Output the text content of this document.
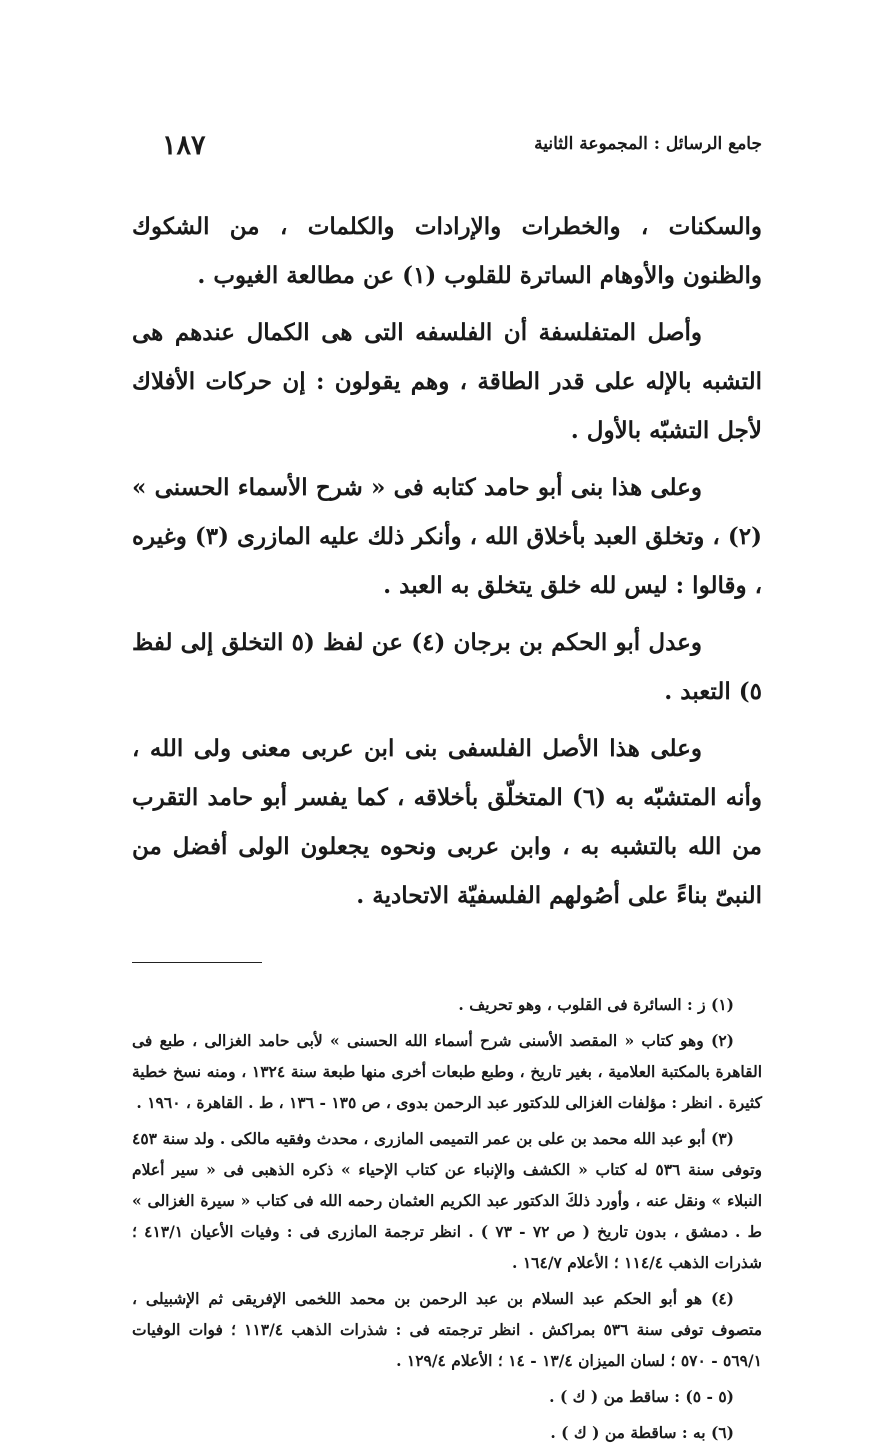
جامع الرسائل : المجموعة الثانية
١٨٧

والسكنات ، والخطرات والإرادات والكلمات ، من الشكوك والظنون والأوهام الساترة للقلوب (١) عن مطالعة الغيوب .

وأصل المتفلسفة أن الفلسفه التى هى الكمال عندهم هى التشبه بالإله على قدر الطاقة ، وهم يقولون : إن حركات الأفلاك لأجل التشبّه بالأول .

وعلى هذا بنى أبو حامد كتابه فى « شرح الأسماء الحسنى » (٢) ، وتخلق العبد بأخلاق الله ، وأنكر ذلك عليه المازرى (٣) وغيره ، وقالوا : ليس لله خلق يتخلق به العبد .

وعدل أبو الحكم بن برجان (٤) عن لفظ (٥ التخلق إلى لفظ ٥) التعبد .

وعلى هذا الأصل الفلسفى بنى ابن عربى معنى ولى الله ، وأنه المتشبّه به (٦) المتخلّق بأخلاقه ، كما يفسر أبو حامد التقرب من الله بالتشبه به ، وابن عربى ونحوه يجعلون الولى أفضل من النبىّ بناءً على أصُولهم الفلسفيّة الاتحادية .

(١) ز : السائرة فى القلوب ، وهو تحريف .

(٢) وهو كتاب « المقصد الأسنى شرح أسماء الله الحسنى » لأبى حامد الغزالى ، طبع فى القاهرة بالمكتبة العلامية ، بغير تاريخ ، وطبع طبعات أخرى منها طبعة سنة ١٣٢٤ ، ومنه نسخ خطية كثيرة . انظر : مؤلفات الغزالى للدكتور عبد الرحمن بدوى ، ص ١٣٥ - ١٣٦ ، ط . القاهرة ، ١٩٦٠ .

(٣) أبو عبد الله محمد بن على بن عمر التميمى المازرى ، محدث وفقيه مالكى . ولد سنة ٤٥٣ وتوفى سنة ٥٣٦ له كتاب « الكشف والإنباء عن كتاب الإحياء » ذكره الذهبى فى « سير أعلام النبلاء » ونقل عنه ، وأورد ذلكَ الدكتور عبد الكريم العثمان رحمه الله فى كتاب « سيرة الغزالى » ط . دمشق ، بدون تاريخ ( ص ٧٢ - ٧٣ ) . انظر ترجمة المازرى فى : وفيات الأعيان ٤١٣/١ ؛ شذرات الذهب ١١٤/٤ ؛ الأعلام ١٦٤/٧ .

(٤) هو أبو الحكم عبد السلام بن عبد الرحمن بن محمد اللخمى الإفريقى ثم الإشبيلى ، متصوف توفى سنة ٥٣٦ بمراكش . انظر ترجمته فى : شذرات الذهب ١١٣/٤ ؛ فوات الوفيات ٥٦٩/١ - ٥٧٠ ؛ لسان الميزان ١٣/٤ - ١٤ ؛ الأعلام ١٢٩/٤ .

(٥ - ٥) : ساقط من ( ك ) .

(٦) به : ساقطة من ( ك ) .
